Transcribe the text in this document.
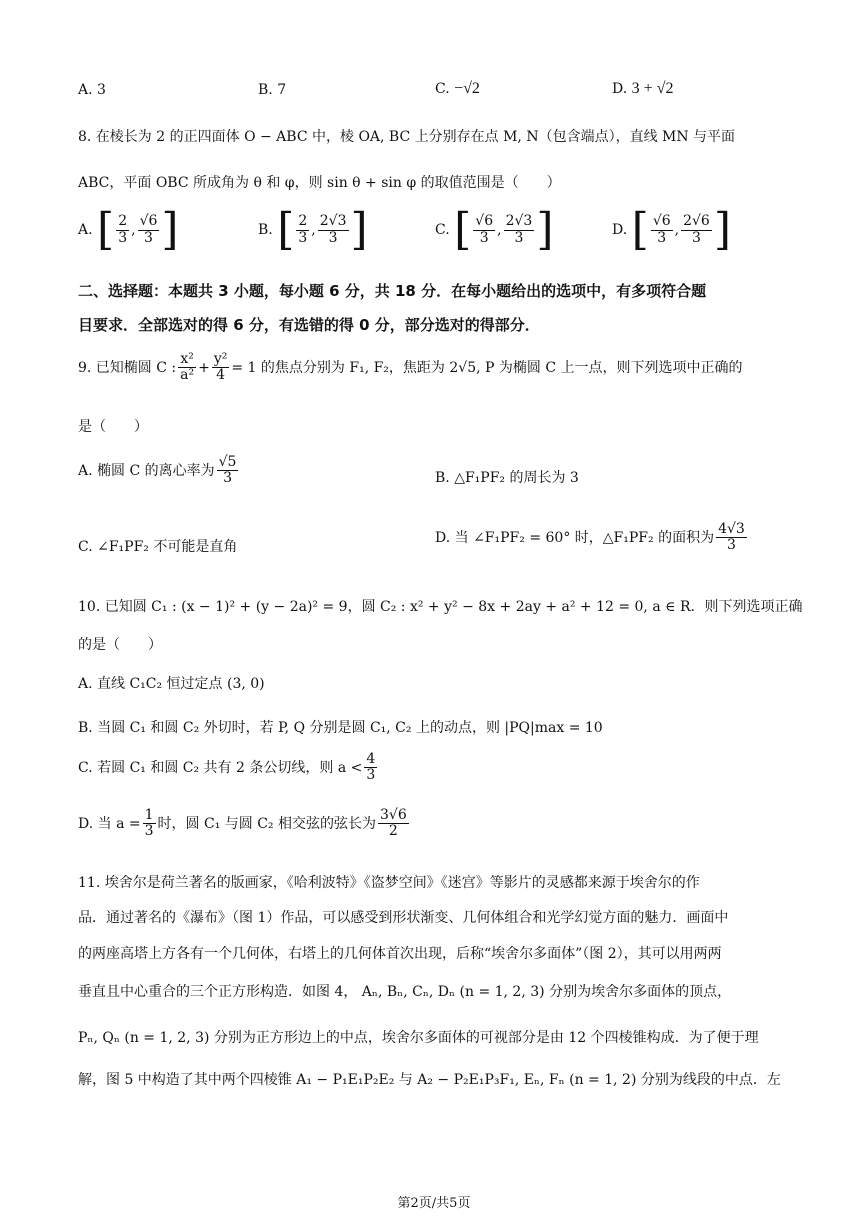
A. 3	B. 7	C. −√2	D. 3 + √2
8. 在棱长为 2 的正四面体 O − ABC 中，棱 OA, BC 上分别存在点 M, N（包含端点），直线 MN 与平面
ABC，平面 OBC 所成角为 θ 和 φ，则 sin θ + sin φ 的取值范围是（　　）
A. [ $\frac{2}{3}$ , $\frac{√6}{3}$ ]	B. [ $\frac{2}{3}$ , $\frac{2√3}{3}$ ]	C. [ $\frac{√6}{3}$ , $\frac{2√3}{3}$ ]	D. [ $\frac{√6}{3}$ , $\frac{2√6}{3}$ ]
二、选择题：本题共 3 小题，每小题 6 分，共 18 分．在每小题给出的选项中，有多项符合题
目要求．全部选对的得 6 分，有选错的得 0 分，部分选对的得部分．
9. 已知椭圆 C : $\frac{\text{x²}}{\text{a²}} + \frac{\text{y²}}{4} = 1$ 的焦点分别为 F₁, F₂，焦距为 2√5, P 为椭圆 C 上一点，则下列选项中正确的
是（　　）
A. 椭圆 C 的离心率为 $\frac{√5}{3}$	B. △F₁PF₂ 的周长为 3
C. ∠F₁PF₂ 不可能是直角
D. 当 ∠F₁PF₂ = 60° 时，△F₁PF₂ 的面积为 $\frac{4√3}{3}$
10. 已知圆 C₁ : (x − 1)² + (y − 2a)² = 9，圆 C₂ : x² + y² − 8x + 2ay + a² + 12 = 0, a ∈ R．则下列选项正确
的是（　　）
A. 直线 C₁C₂ 恒过定点 (3, 0)
B. 当圆 C₁ 和圆 C₂ 外切时，若 P, Q 分别是圆 C₁, C₂ 上的动点，则 |PQ|max = 10
C. 若圆 C₁ 和圆 C₂ 共有 2 条公切线，则 $a < \frac{4}{3}$
D. 当 $a = \frac{1}{3}$ 时，圆 C₁ 与圆 C₂ 相交弦的弦长为 $\frac{3√6}{2}$
11. 埃舍尔是荷兰著名的版画家，《哈利波特》《盗梦空间》《迷宫》等影片的灵感都来源于埃舍尔的作
品．通过著名的《瀑布》（图 1）作品，可以感受到形状渐变、几何体组合和光学幻觉方面的魅力．画面中
的两座高塔上方各有一个几何体，右塔上的几何体首次出现，后称“埃舍尔多面体”（图 2），其可以用两两
垂直且中心重合的三个正方形构造．如图 4， Aₙ, Bₙ, Cₙ, Dₙ (n = 1, 2, 3) 分别为埃舍尔多面体的顶点，
Pₙ, Qₙ (n = 1, 2, 3) 分别为正方形边上的中点，埃舍尔多面体的可视部分是由 12 个四棱锥构成．为了便于理
解，图 5 中构造了其中两个四棱锥 A₁ − P₁E₁P₂E₂ 与 A₂ − P₂E₁P₃F₁, Eₙ, Fₙ (n = 1, 2) 分别为线段的中点．左
第2页/共5页
